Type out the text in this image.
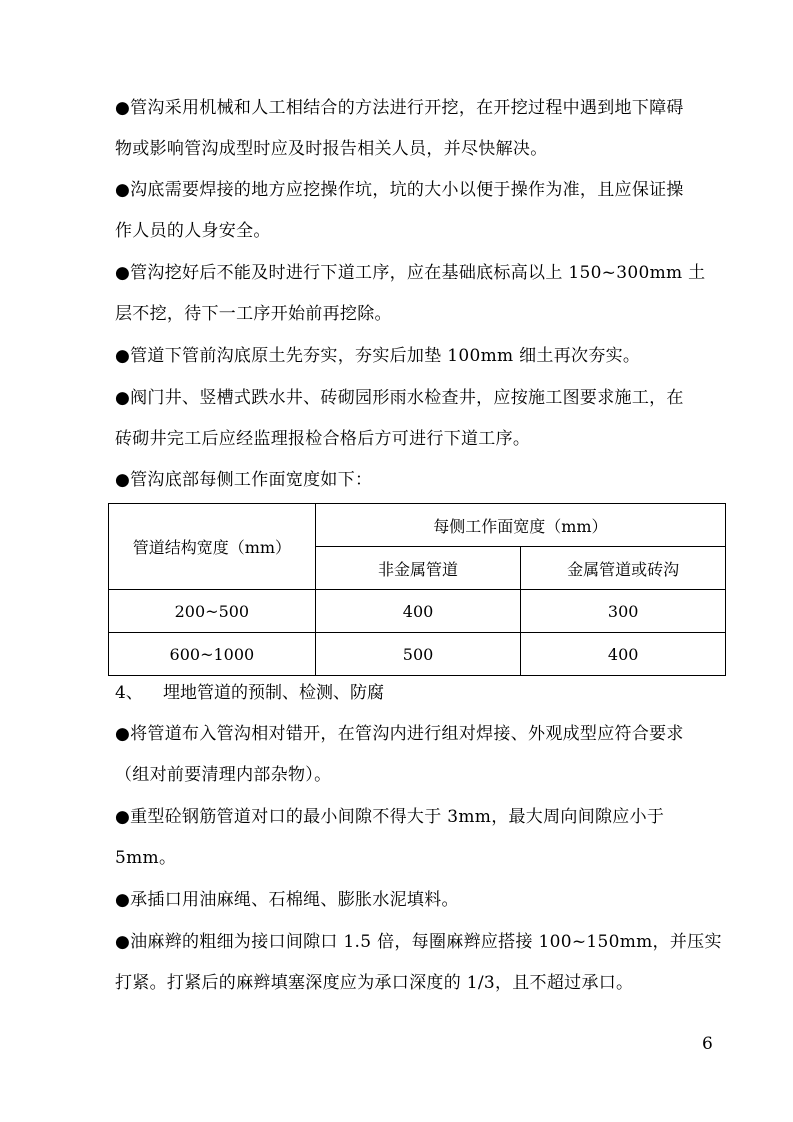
●管沟采用机械和人工相结合的方法进行开挖，在开挖过程中遇到地下障碍
物或影响管沟成型时应及时报告相关人员，并尽快解决。
●沟底需要焊接的地方应挖操作坑，坑的大小以便于操作为准，且应保证操
作人员的人身安全。
●管沟挖好后不能及时进行下道工序，应在基础底标高以上 150~300mm 土
层不挖，待下一工序开始前再挖除。
●管道下管前沟底原土先夯实，夯实后加垫 100mm 细土再次夯实。
●阀门井、竖槽式跌水井、砖砌园形雨水检查井，应按施工图要求施工，在
砖砌井完工后应经监理报检合格后方可进行下道工序。
●管沟底部每侧工作面宽度如下：
管道结构宽度（mm）	每侧工作面宽度（mm）	
	非金属管道	金属管道或砖沟
200~500	400	300
600~1000	500	400
4、 埋地管道的预制、检测、防腐
●将管道布入管沟相对错开，在管沟内进行组对焊接、外观成型应符合要求
（组对前要清理内部杂物）。
●重型砼钢筋管道对口的最小间隙不得大于 3mm，最大周向间隙应小于
5mm。
●承插口用油麻绳、石棉绳、膨胀水泥填料。
●油麻辫的粗细为接口间隙口 1.5 倍，每圈麻辫应搭接 100~150mm，并压实
打紧。打紧后的麻辫填塞深度应为承口深度的 1/3，且不超过承口。
6
